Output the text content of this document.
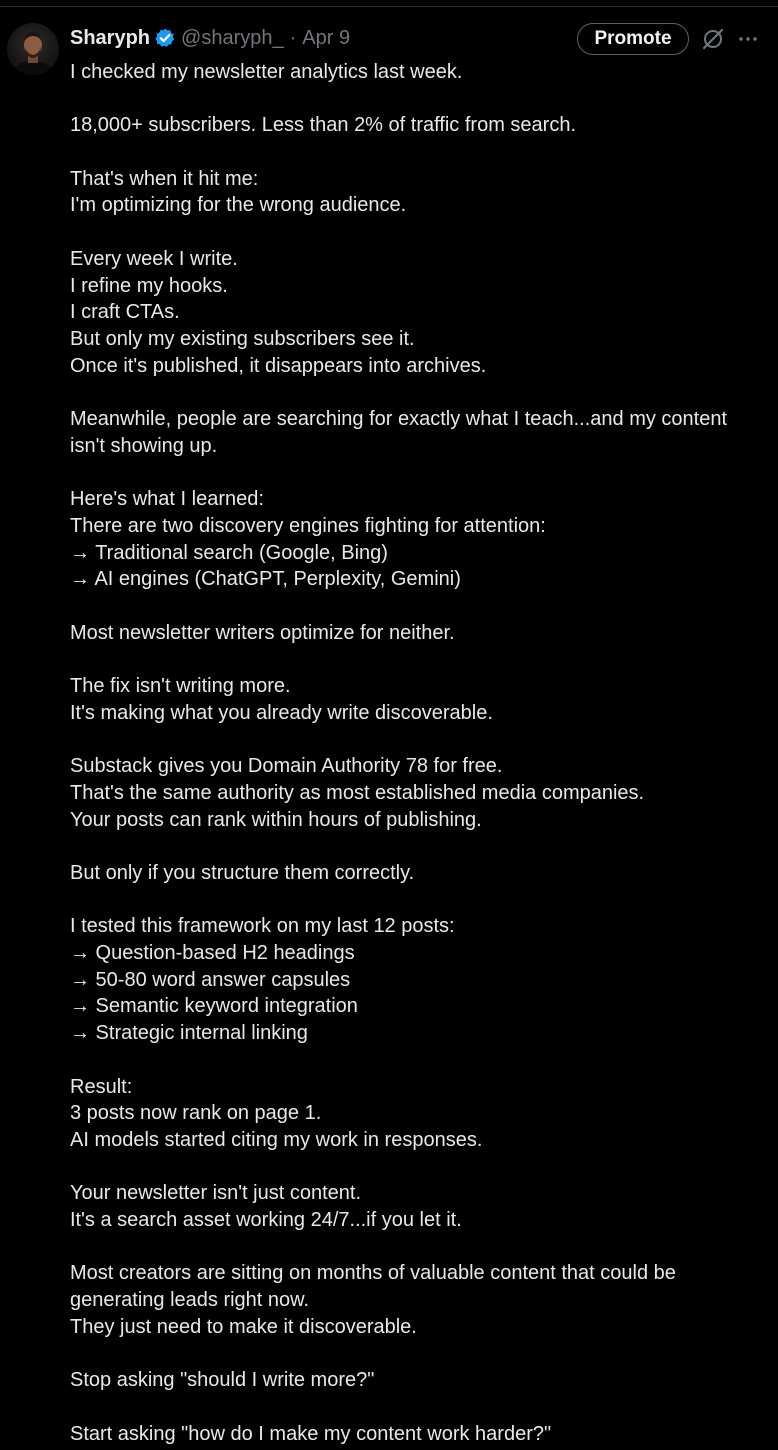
Sharyph @sharyph_ · Apr 9	Promote
I checked my newsletter analytics last week.
18,000+ subscribers. Less than 2% of traffic from search.
That's when it hit me:
I'm optimizing for the wrong audience.
Every week I write.
I refine my hooks.
I craft CTAs.
But only my existing subscribers see it.
Once it's published, it disappears into archives.
Meanwhile, people are searching for exactly what I teach...and my content
isn't showing up.
Here's what I learned:
There are two discovery engines fighting for attention:
→ Traditional search (Google, Bing)
→ AI engines (ChatGPT, Perplexity, Gemini)
Most newsletter writers optimize for neither.
The fix isn't writing more.
It's making what you already write discoverable.
Substack gives you Domain Authority 78 for free.
That's the same authority as most established media companies.
Your posts can rank within hours of publishing.
But only if you structure them correctly.
I tested this framework on my last 12 posts:
→ Question-based H2 headings
→ 50-80 word answer capsules
→ Semantic keyword integration
→ Strategic internal linking
Result:
3 posts now rank on page 1.
AI models started citing my work in responses.
Your newsletter isn't just content.
It's a search asset working 24/7...if you let it.
Most creators are sitting on months of valuable content that could be
generating leads right now.
They just need to make it discoverable.
Stop asking "should I write more?"
Start asking "how do I make my content work harder?"
